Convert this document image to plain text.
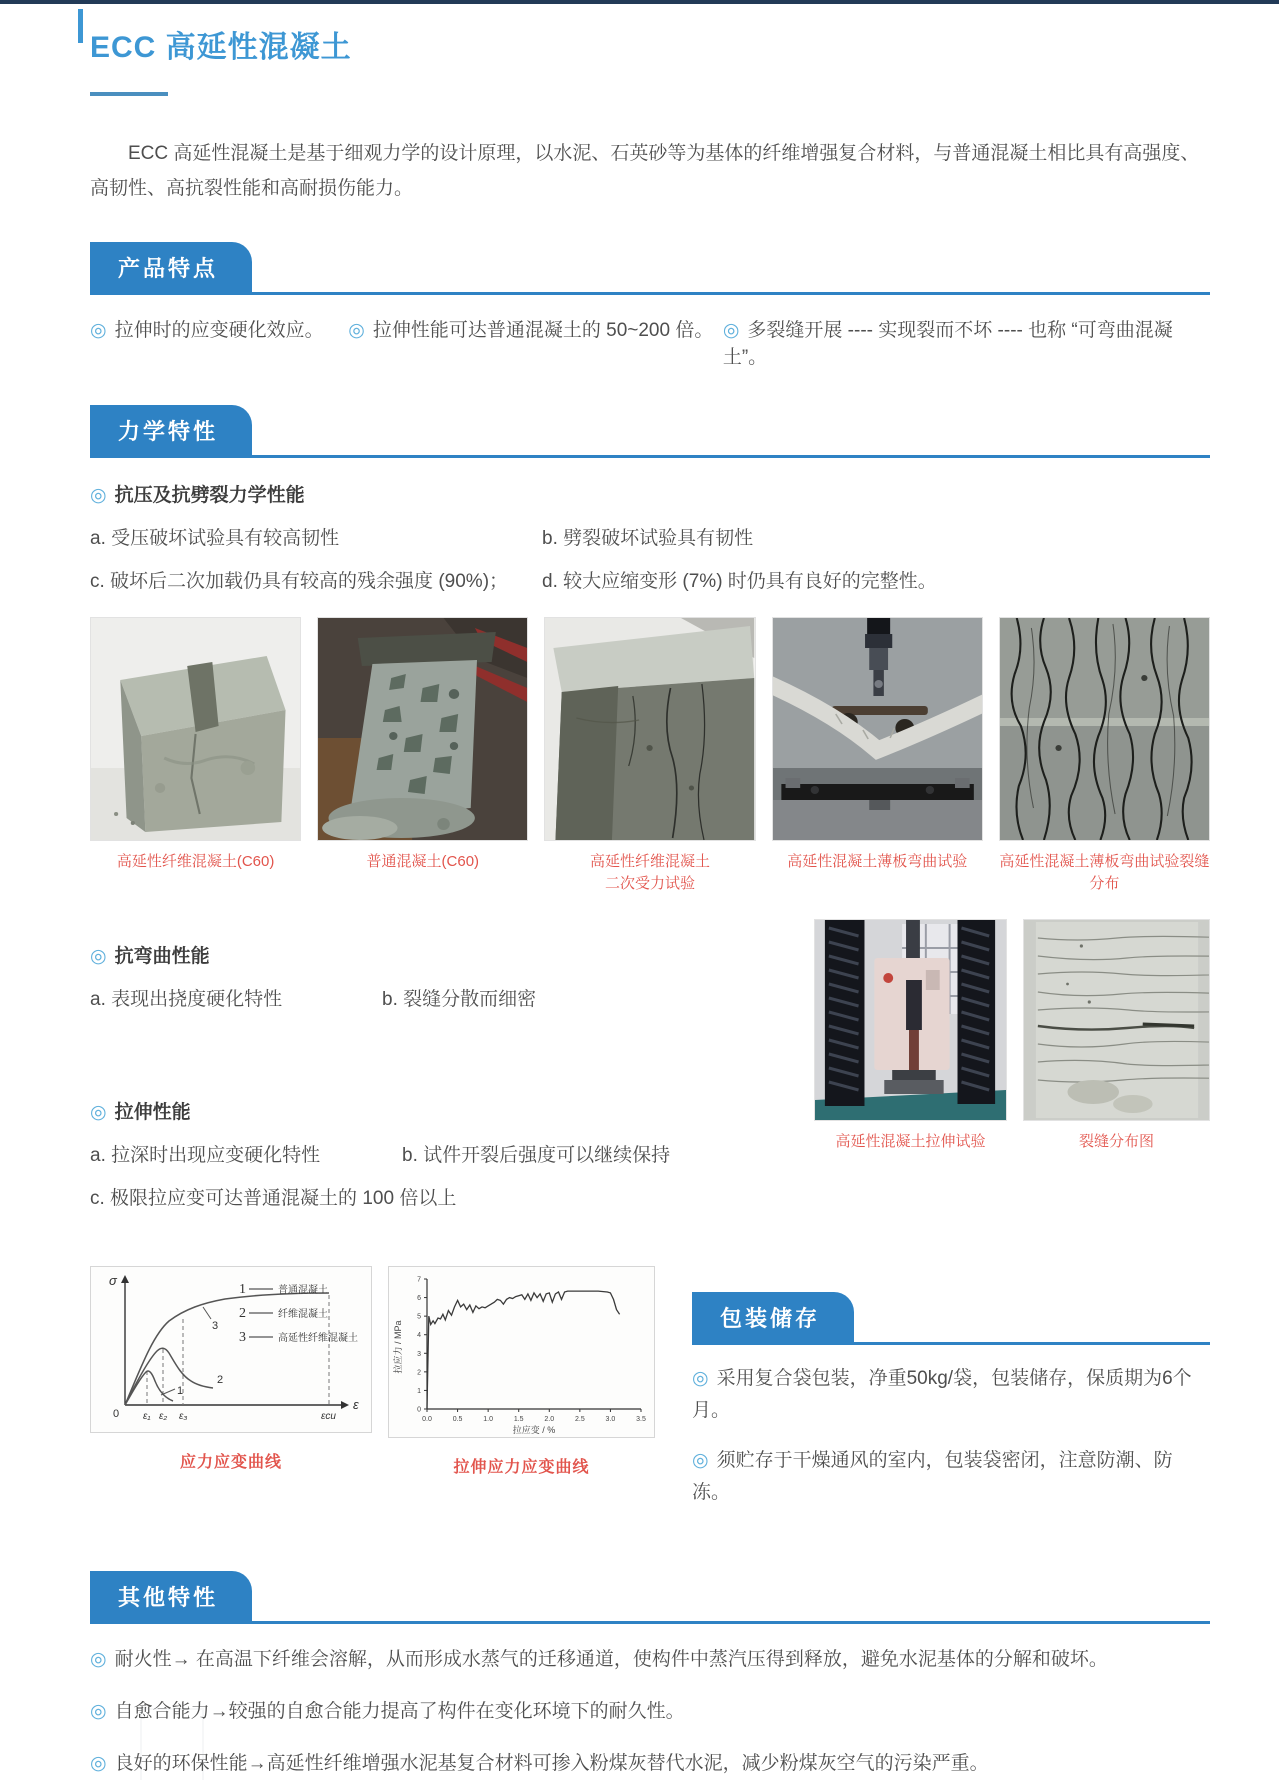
ECC 高延性混凝土

ECC 高延性混凝土是基于细观力学的设计原理，以水泥、石英砂等为基体的纤维增强复合材料，与普通混凝土相比具有高强度、高韧性、高抗裂性能和高耐损伤能力。

产品特点
◎ 拉伸时的应变硬化效应。	◎ 拉伸性能可达普通混凝土的 50~200 倍。 ◎ 多裂缝开展 ---- 实现裂而不坏 ---- 也称 “可弯曲混凝土”。
力学特性
◎ 抗压及抗劈裂力学性能
a. 受压破坏试验具有较高韧性	b. 劈裂破坏试验具有韧性
c. 破坏后二次加载仍具有较高的残余强度 (90%)；	d. 较大应缩变形 (7%) 时仍具有良好的完整性。
高延性纤维混凝土(C60)	普通混凝土(C60)	高延性纤维混凝土
二次受力试验
高延性混凝土薄板弯曲试验	高延性混凝土薄板弯曲试验裂缝分布
◎ 抗弯曲性能
a. 表现出挠度硬化特性	b. 裂缝分散而细密
◎ 拉伸性能
a. 拉深时出现应变硬化特性	b. 试件开裂后强度可以继续保持
c. 极限拉应变可达普通混凝土的 100 倍以上
高延性混凝土拉伸试验	裂缝分布图
σ
ε
0
1
2
3
ε₁ ε₂ ε₃	εcu
1	普通混凝土
2	纤维混凝土
3	高延性纤维混凝土
应力应变曲线
0.0	0.5	1.0	1.5	2.0	2.5	3.0	3.5
0
1
2
3
4
5
6
7
拉应变 / %
拉应力 / MPa
拉伸应力应变曲线
包装储存
◎ 采用复合袋包装，净重50kg/袋，包装储存，保质期为6个月。
◎ 须贮存于干燥通风的室内，包装袋密闭，注意防潮、防冻。
其他特性
◎ 耐火性→ 在高温下纤维会溶解，从而形成水蒸气的迁移通道，使构件中蒸汽压得到释放，避免水泥基体的分解和破坏。
◎ 自愈合能力→较强的自愈合能力提高了构件在变化环境下的耐久性。
◎ 良好的环保性能→高延性纤维增强水泥基复合材料可掺入粉煤灰替代水泥，减少粉煤灰空气的污染严重。
